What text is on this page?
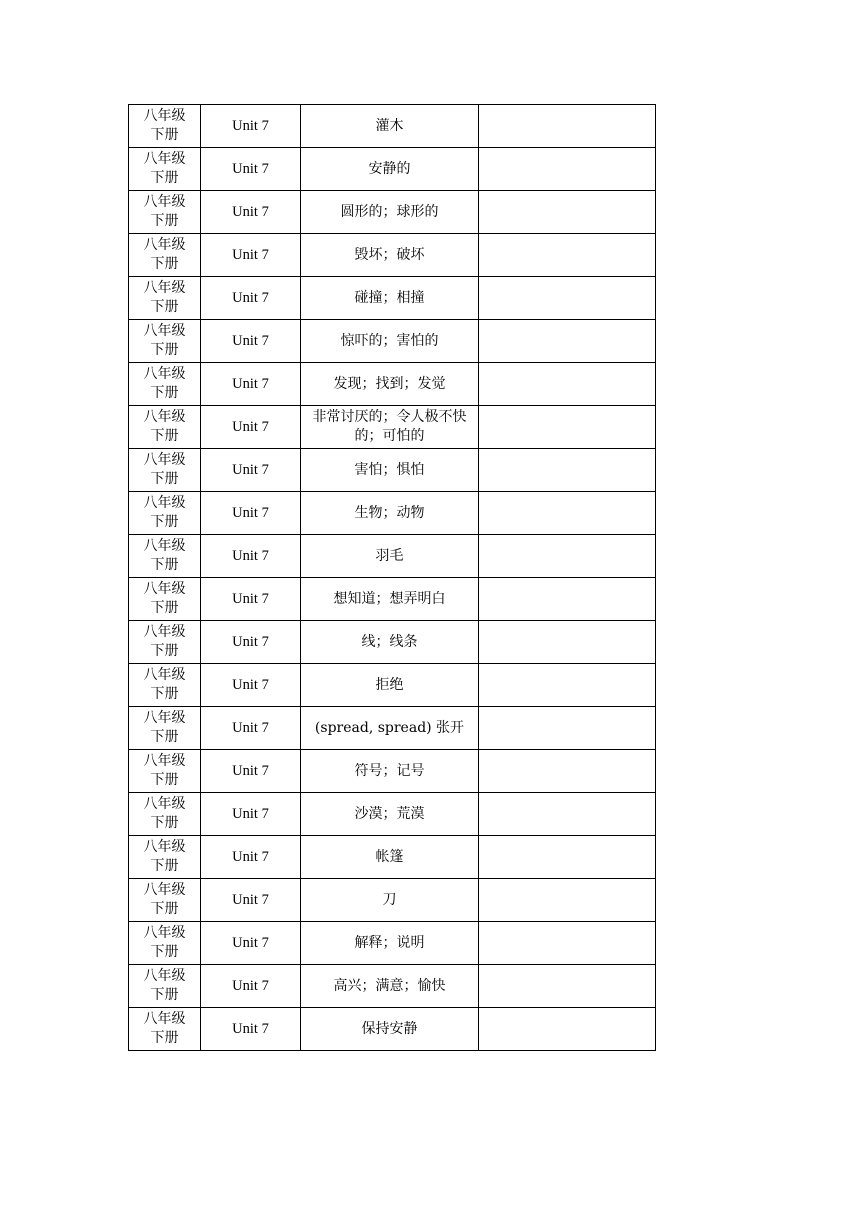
八年级下册	Unit 7	灌木	
八年级下册	Unit 7	安静的	
八年级下册	Unit 7	圆形的；球形的	
八年级下册	Unit 7	毁坏；破坏	
八年级下册	Unit 7	碰撞；相撞	
八年级下册	Unit 7	惊吓的；害怕的	
八年级下册	Unit 7	发现；找到；发觉	
八年级下册	Unit 7	非常讨厌的；令人极不快的；可怕的	
八年级下册	Unit 7	害怕；惧怕	
八年级下册	Unit 7	生物；动物	
八年级下册	Unit 7	羽毛	
八年级下册	Unit 7	想知道；想弄明白	
八年级下册	Unit 7	线；线条	
八年级下册	Unit 7	拒绝	
八年级下册	Unit 7	(spread, spread) 张开	
八年级下册	Unit 7	符号；记号	
八年级下册	Unit 7	沙漠；荒漠	
八年级下册	Unit 7	帐篷	
八年级下册	Unit 7	刀	
八年级下册	Unit 7	解释；说明	
八年级下册	Unit 7	高兴；满意；愉快	
八年级下册	Unit 7	保持安静	
